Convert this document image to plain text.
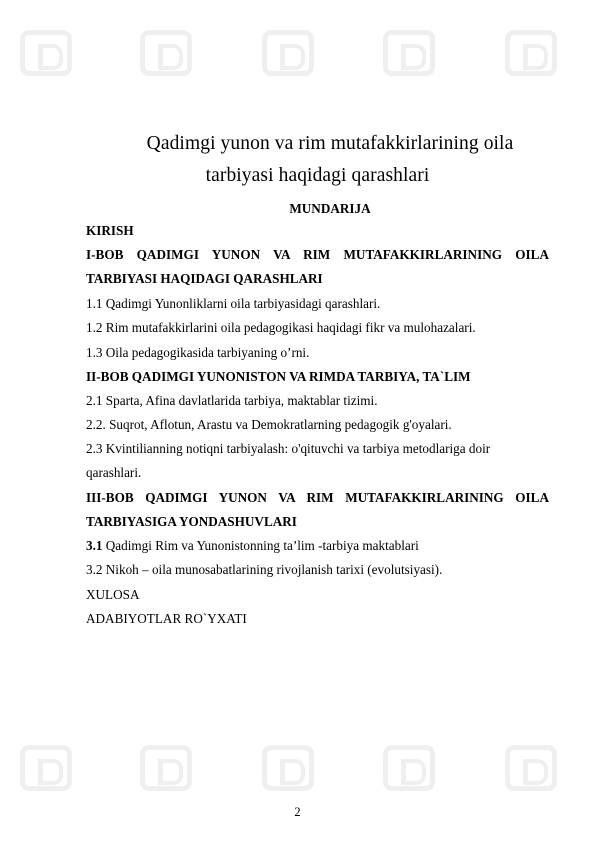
Qadimgi yunon va rim mutafakkirlarining oila
tarbiyasi haqidagi qarashlari
MUNDARIJA
KIRISH
I-BOB QADIMGI YUNON VA RIM MUTAFAKKIRLARINING OILA
TARBIYASI HAQIDAGI QARASHLARI
1.1 Qadimgi Yunonliklarni oila tarbiyasidagi qarashlari.
1.2 Rim mutafakkirlarini oila pedagogikasi haqidagi fikr va mulohazalari.
1.3 Oila pedagogikasida tarbiyaning o’rni.
II-BOB QADIMGI YUNONISTON VA RIMDA TARBIYA, TA`LIM
2.1 Sparta, Afina davlatlarida tarbiya, maktablar tizimi.
2.2. Suqrot, Aflotun, Arastu va Demokratlarning pedagogik g'oyalari.
2.3 Kvintilianning notiqni tarbiyalash: o'qituvchi va tarbiya metodlariga doir
qarashlari.
III-BOB QADIMGI YUNON VA RIM MUTAFAKKIRLARINING OILA
TARBIYASIGA YONDASHUVLARI
3.1 Qadimgi Rim va Yunonistonning ta’lim -tarbiya maktablari
3.2 Nikoh – oila munosabatlarining rivojlanish tarixi (evolutsiyasi).
XULOSA
ADABIYOTLAR RO`YXATI
2
